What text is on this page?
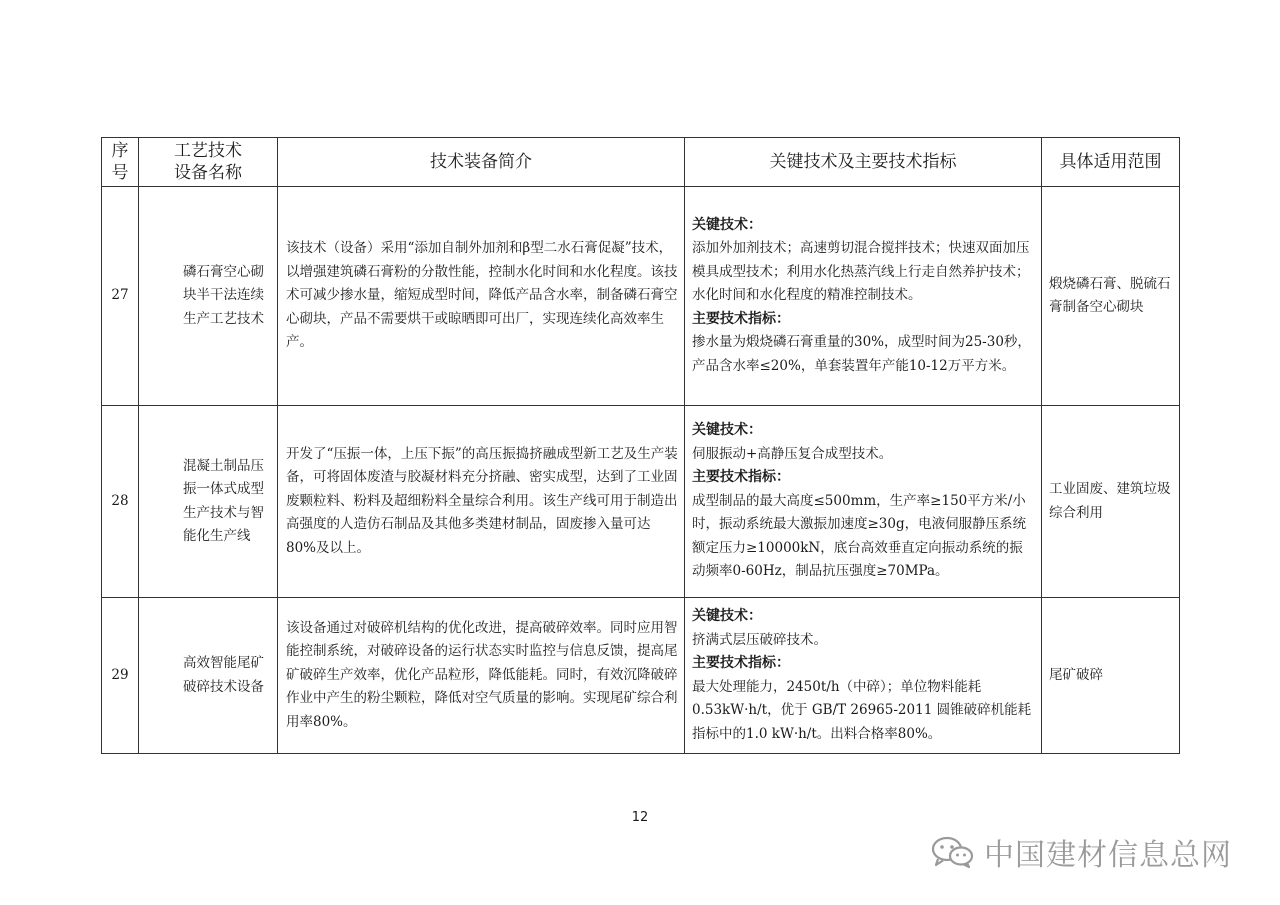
序
号	工艺技术
设备名称	技术装备简介	关键技术及主要技术指标	具体适用范围
27	磷石膏空心砌块半干法连续生产工艺技术	该技术（设备）采用“添加自制外加剂和β型二水石膏促凝”技术，以增强建筑磷石膏粉的分散性能，控制水化时间和水化程度。该技术可减少掺水量，缩短成型时间，降低产品含水率，制备磷石膏空心砌块，产品不需要烘干或晾晒即可出厂，实现连续化高效率生产。	关键技术：
添加外加剂技术；高速剪切混合搅拌技术；快速双面加压模具成型技术；利用水化热蒸汽线上行走自然养护技术；水化时间和水化程度的精准控制技术。
主要技术指标：
掺水量为煅烧磷石膏重量的30%，成型时间为25-30秒，产品含水率≤20%，单套装置年产能10-12万平方米。	煅烧磷石膏、脱硫石膏制备空心砌块

28	混凝土制品压振一体式成型生产技术与智能化生产线	开发了“压振一体，上压下振”的高压振捣挤融成型新工艺及生产装备，可将固体废渣与胶凝材料充分挤融、密实成型，达到了工业固废颗粒料、粉料及超细粉料全量综合利用。该生产线可用于制造出高强度的人造仿石制品及其他多类建材制品，固废掺入量可达80%及以上。	关键技术：
伺服振动+高静压复合成型技术。
主要技术指标：
成型制品的最大高度≤500mm，生产率≥150平方米/小时，振动系统最大激振加速度≥30g，电液伺服静压系统额定压力≥10000kN，底台高效垂直定向振动系统的振动频率0-60Hz，制品抗压强度≥70MPa。	工业固废、建筑垃圾综合利用

29	高效智能尾矿破碎技术设备	该设备通过对破碎机结构的优化改进，提高破碎效率。同时应用智能控制系统，对破碎设备的运行状态实时监控与信息反馈，提高尾矿破碎生产效率，优化产品粒形，降低能耗。同时，有效沉降破碎作业中产生的粉尘颗粒，降低对空气质量的影响。实现尾矿综合利用率80%。	关键技术：
挤满式层压破碎技术。
主要技术指标：
最大处理能力，2450t/h（中碎）；单位物料能耗0.53kW·h/t，优于 GB/T 26965-2011 圆锥破碎机能耗指标中的1.0 kW·h/t。出料合格率80%。	尾矿破碎
12
中国建材信息总网
